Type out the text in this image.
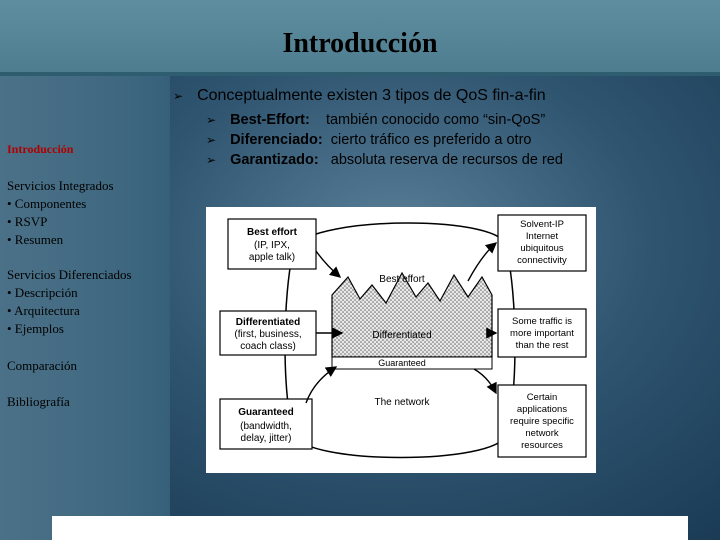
Introducción
Introducción
Servicios Integrados
• Componentes
• RSVP
• Resumen
Servicios Diferenciados
• Descripción
• Arquitectura
• Ejemplos
Comparación
Bibliografía
➢ Conceptualmente existen 3 tipos de QoS fin-a-fin
➢ Best-Effort: también conocido como “sin-QoS”
➢ Diferenciado: cierto tráfico es preferido a otro
➢ Garantizado: absoluta reserva de recursos de red
Best effort
Differentiated
Guaranteed
The network
Best effort
(IP, IPX,
apple talk)
Differentiated
(first, business,
coach class)
Guaranteed
(bandwidth,
delay, jitter)
Solvent-IP
Internet
ubiquitous
connectivity
Some traffic is
more important
than the rest
Certain
applications
require specific
network
resources
